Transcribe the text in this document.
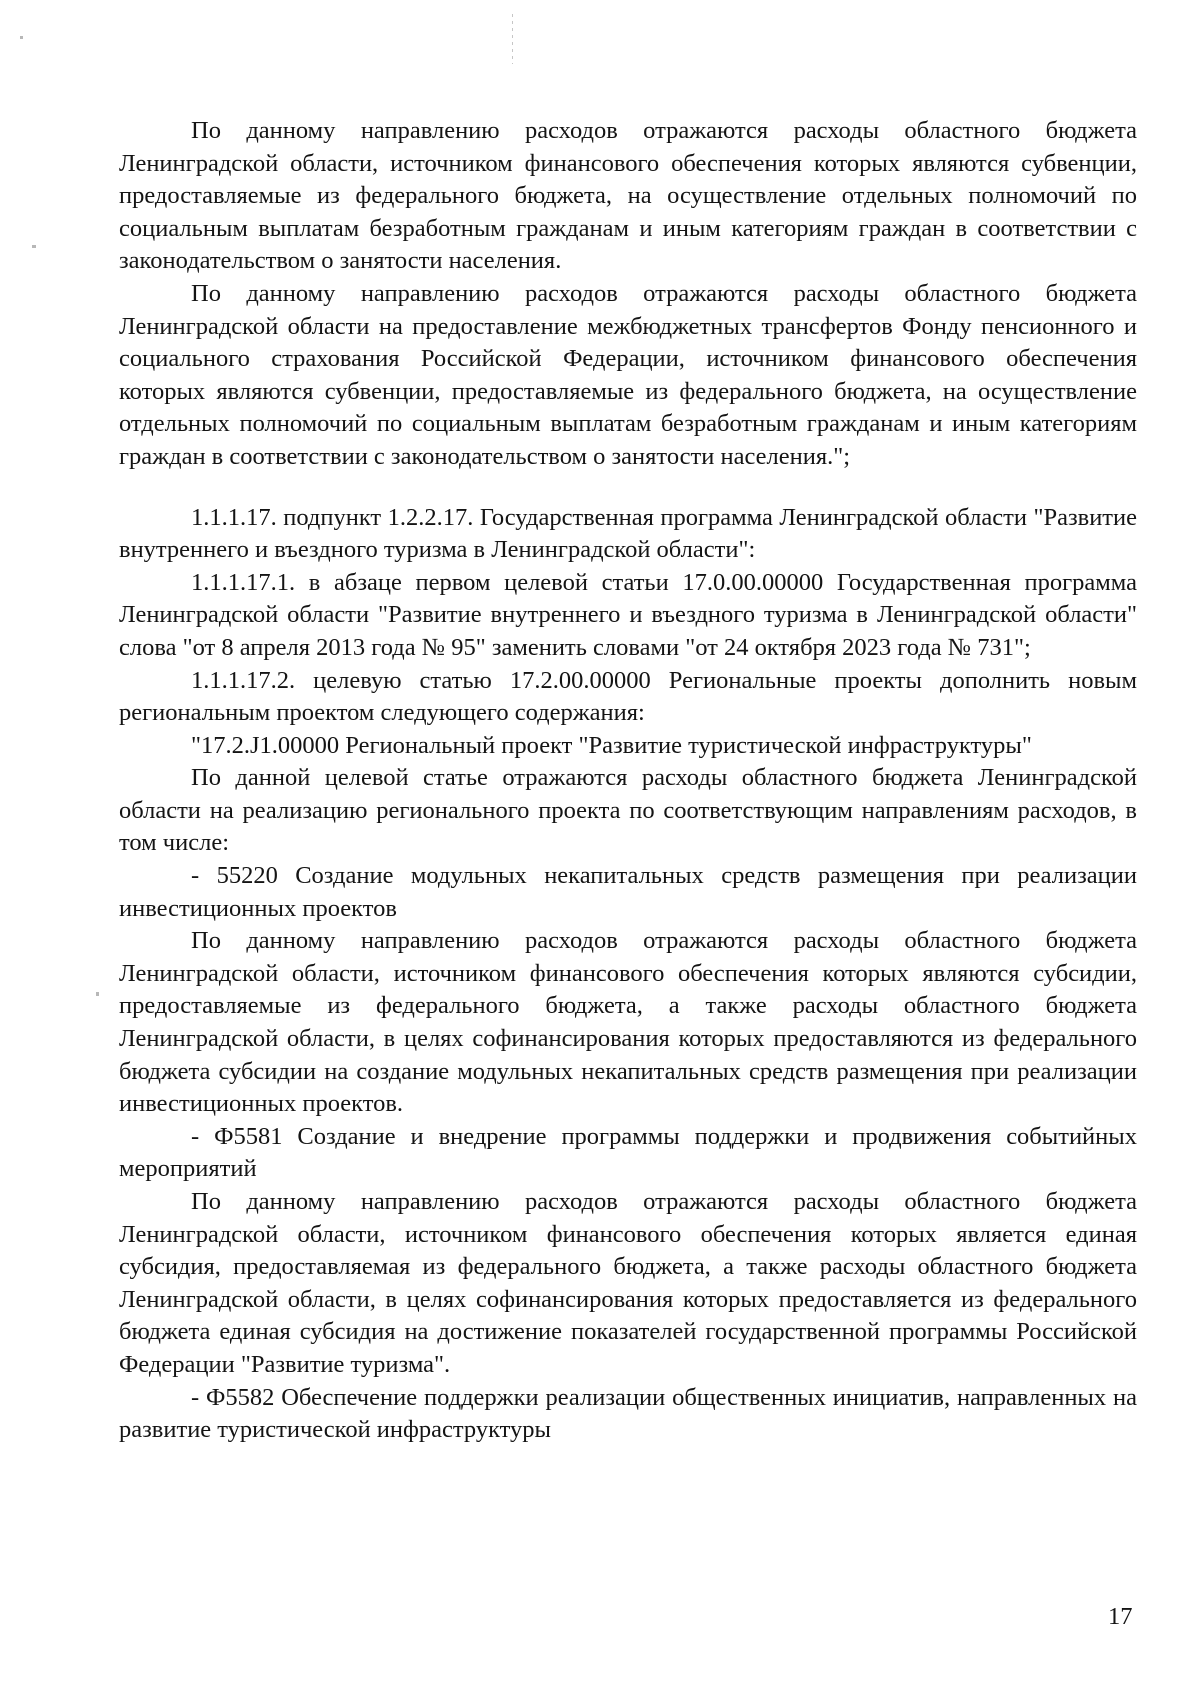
По данному направлению расходов отражаются расходы областного бюджета Ленинградской области, источником финансового обеспечения которых являются субвенции, предоставляемые из федерального бюджета, на осуществление отдельных полномочий по социальным выплатам безработным гражданам и иным категориям граждан в соответствии с законодательством о занятости населения.

По данному направлению расходов отражаются расходы областного бюджета Ленинградской области на предоставление межбюджетных трансфертов Фонду пенсионного и социального страхования Российской Федерации, источником финансового обеспечения которых являются субвенции, предоставляемые из федерального бюджета, на осуществление отдельных полномочий по социальным выплатам безработным гражданам и иным категориям граждан в соответствии с законодательством о занятости населения.";

1.1.1.17. подпункт 1.2.2.17. Государственная программа Ленинградской области "Развитие внутреннего и въездного туризма в Ленинградской области":

1.1.1.17.1. в абзаце первом целевой статьи 17.0.00.00000 Государственная программа Ленинградской области "Развитие внутреннего и въездного туризма в Ленинградской области" слова "от 8 апреля 2013 года № 95" заменить словами "от 24 октября 2023 года № 731";

1.1.1.17.2. целевую статью 17.2.00.00000 Региональные проекты дополнить новым региональным проектом следующего содержания:

"17.2.J1.00000 Региональный проект "Развитие туристической инфраструктуры"

По данной целевой статье отражаются расходы областного бюджета Ленинградской области на реализацию регионального проекта по соответствующим направлениям расходов, в том числе:

- 55220 Создание модульных некапитальных средств размещения при реализации инвестиционных проектов

По данному направлению расходов отражаются расходы областного бюджета Ленинградской области, источником финансового обеспечения которых являются субсидии, предоставляемые из федерального бюджета, а также расходы областного бюджета Ленинградской области, в целях софинансирования которых предоставляются из федерального бюджета субсидии на создание модульных некапитальных средств размещения при реализации инвестиционных проектов.

- Ф5581 Создание и внедрение программы поддержки и продвижения событийных мероприятий

По данному направлению расходов отражаются расходы областного бюджета Ленинградской области, источником финансового обеспечения которых является единая субсидия, предоставляемая из федерального бюджета, а также расходы областного бюджета Ленинградской области, в целях софинансирования которых предоставляется из федерального бюджета единая субсидия на достижение показателей государственной программы Российской Федерации "Развитие туризма".

- Ф5582 Обеспечение поддержки реализации общественных инициатив, направленных на развитие туристической инфраструктуры

17
